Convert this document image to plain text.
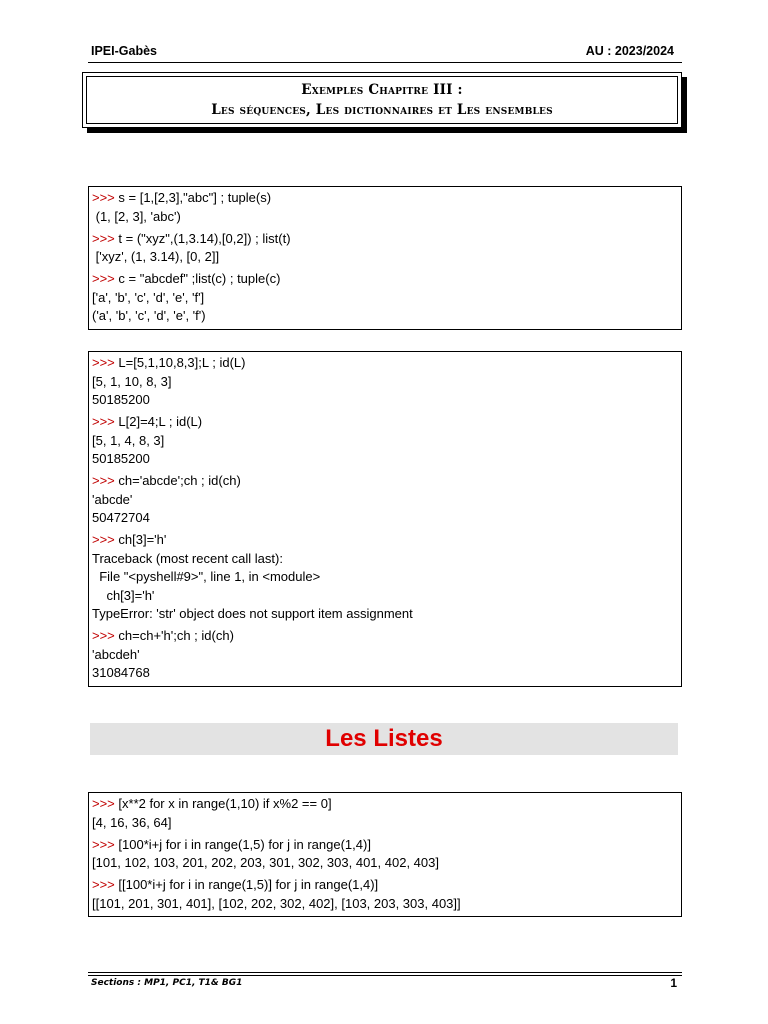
IPEI-Gabès	AU : 2023/2024
Exemples Chapitre III :
Les séquences, Les dictionnaires et Les ensembles
>>> s = [1,[2,3],"abc"] ; tuple(s)
(1, [2, 3], 'abc')
>>> t = ("xyz",(1,3.14),[0,2]) ; list(t)
['xyz', (1, 3.14), [0, 2]]
>>> c = "abcdef" ;list(c) ; tuple(c)
['a', 'b', 'c', 'd', 'e', 'f']
('a', 'b', 'c', 'd', 'e', 'f')
>>> L=[5,1,10,8,3];L ; id(L)
[5, 1, 10, 8, 3]
50185200
>>> L[2]=4;L ; id(L)
[5, 1, 4, 8, 3]
50185200
>>> ch='abcde';ch ; id(ch)
'abcde'
50472704
>>> ch[3]='h'
Traceback (most recent call last):
File "<pyshell#9>", line 1, in <module>
ch[3]='h'
TypeError: 'str' object does not support item assignment
>>> ch=ch+'h';ch ; id(ch)
'abcdeh'
31084768
Les Listes
>>> [x**2 for x in range(1,10) if x%2 == 0]
[4, 16, 36, 64]
>>> [100*i+j for i in range(1,5) for j in range(1,4)]
[101, 102, 103, 201, 202, 203, 301, 302, 303, 401, 402, 403]
>>> [[100*i+j for i in range(1,5)] for j in range(1,4)]
[[101, 201, 301, 401], [102, 202, 302, 402], [103, 203, 303, 403]]
Sections : MP1, PC1, T1& BG1	1
